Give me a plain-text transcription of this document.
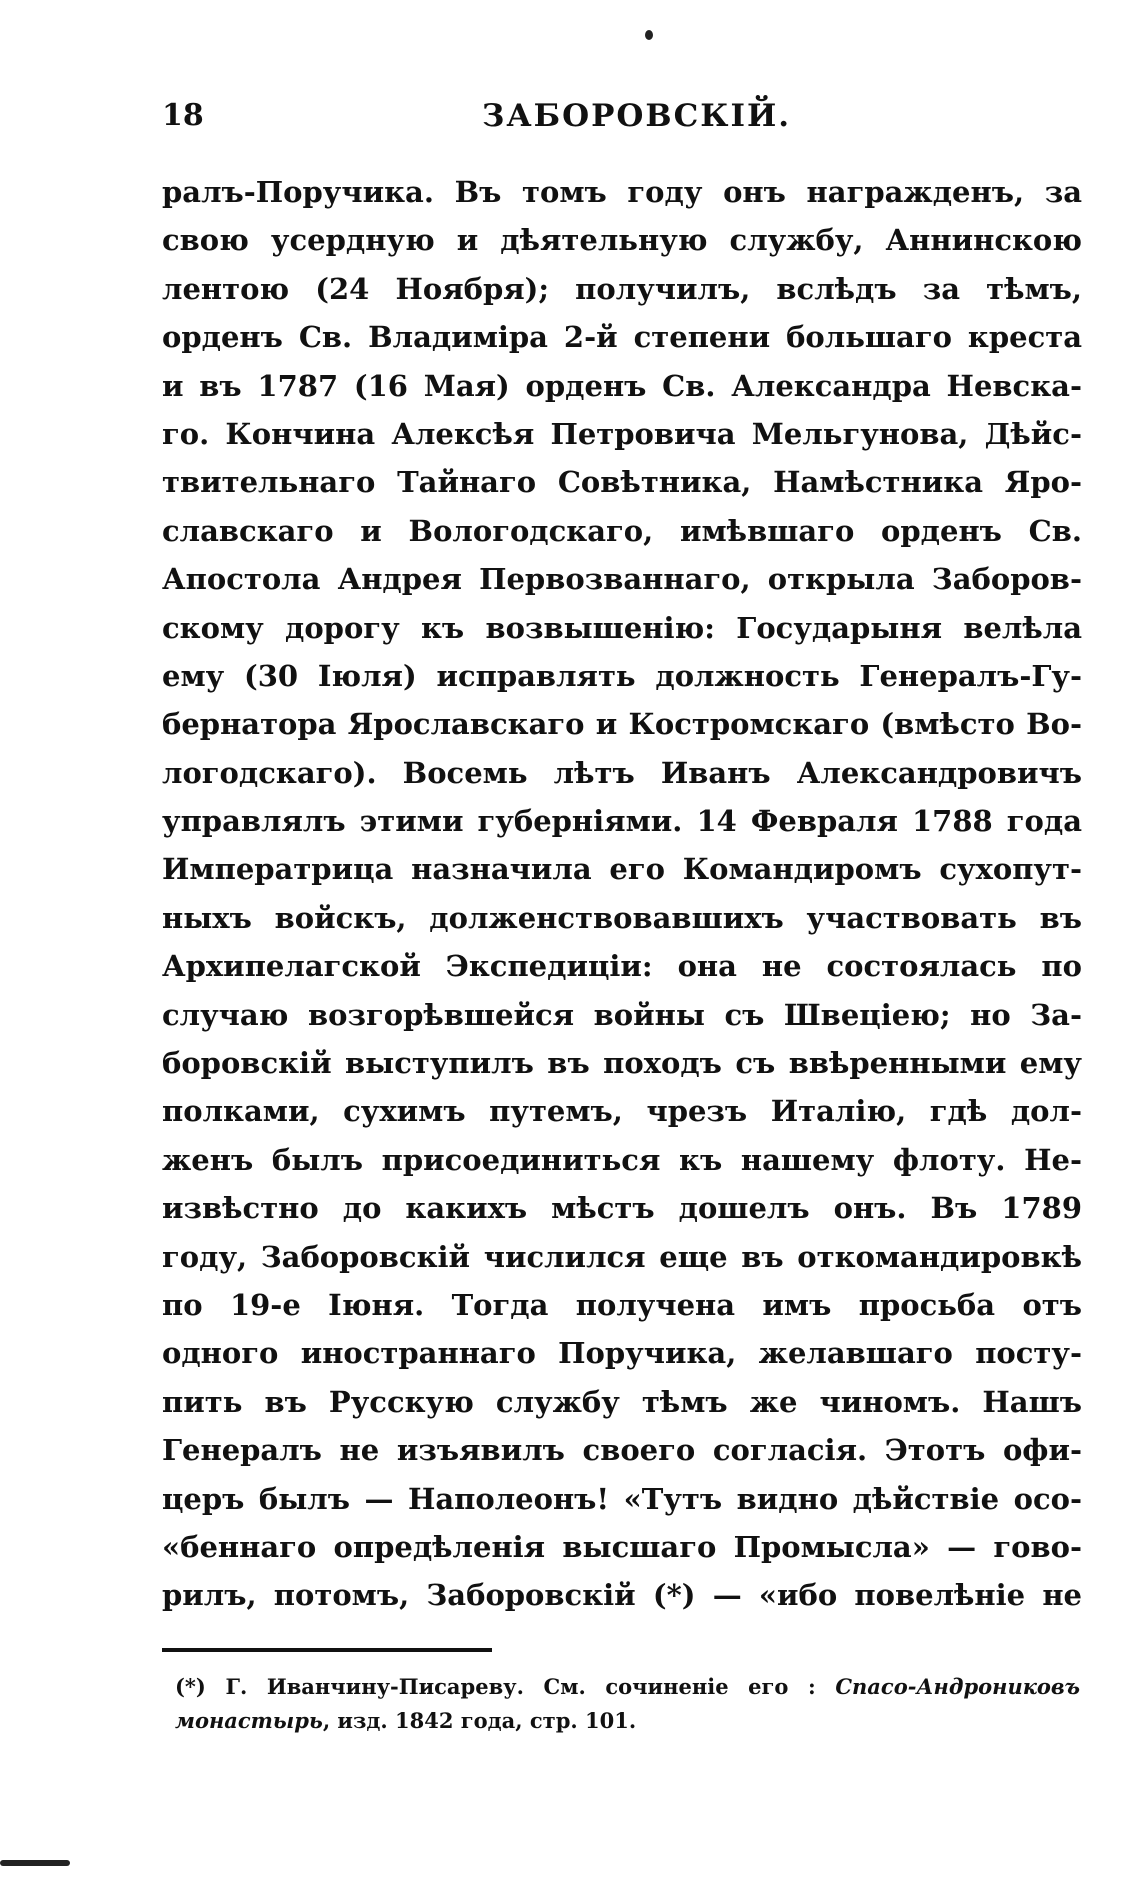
18	ЗАБОРОВСКІЙ.
ралъ-Поручика. Въ томъ году онъ награжденъ, за
свою усердную и дѣятельную службу, Аннинскою
лентою (24 Ноября); получилъ, вслѣдъ за тѣмъ,
орденъ Св. Владиміра 2-й степени большаго креста
и въ 1787 (16 Мая) орденъ Св. Александра Невска-
го. Кончина Алексѣя Петровича Мельгунова, Дѣйс-
твительнаго Тайнаго Совѣтника, Намѣстника Яро-
славскаго и Вологодскаго, имѣвшаго орденъ Св.
Апостола Андрея Первозваннаго, открыла Заборов-
скому дорогу къ возвышенію: Государыня велѣла
ему (30 Іюля) исправлять должность Генералъ-Гу-
бернатора Ярославскаго и Костромскаго (вмѣсто Во-
логодскаго). Восемь лѣтъ Иванъ Александровичъ
управлялъ этими губерніями. 14 Февраля 1788 года
Императрица назначила его Командиромъ сухопут-
ныхъ войскъ, долженствовавшихъ участвовать въ
Архипелагской Экспедиціи: она не состоялась по
случаю возгорѣвшейся войны съ Швеціею; но За-
боровскій выступилъ въ походъ съ ввѣренными ему
полками, сухимъ путемъ, чрезъ Италію, гдѣ дол-
женъ былъ присоединиться къ нашему флоту. Не-
извѣстно до какихъ мѣстъ дошелъ онъ. Въ 1789
году, Заборовскій числился еще въ откомандировкѣ
по 19-е Іюня. Тогда получена имъ просьба отъ
одного иностраннаго Поручика, желавшаго посту-
пить въ Русскую службу тѣмъ же чиномъ. Нашъ
Генералъ не изъявилъ своего согласія. Этотъ офи-
церъ былъ — Наполеонъ! «Тутъ видно дѣйствіе осо-
«беннаго опредѣленія высшаго Промысла» — гово-
рилъ, потомъ, Заборовскій (*) — «ибо повелѣніе не
(*) Г. Иванчину-Писареву. См. сочиненіе его : Спасо-Андрониковъ
монастырь, изд. 1842 года, стр. 101.
